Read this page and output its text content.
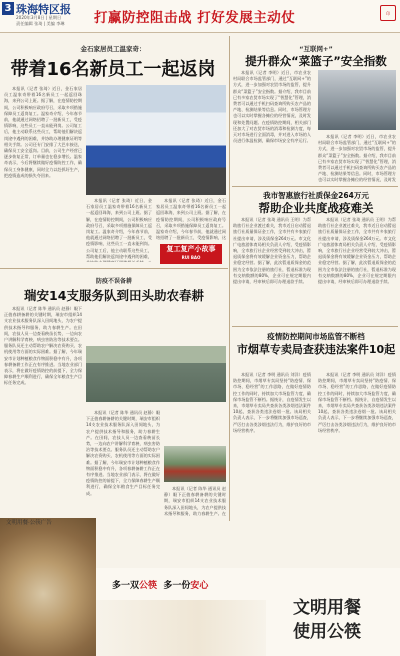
3 珠海特区报
2020年3月8日 | 星期日
责任编辑 张琦 | 美编 李琳 打赢防控阻击战 打好发展主动仗	印
金石家居员工温家奇：
带着16名新员工一起返岗

本报讯（记者 张琦）近日，金石家居员工温家奇带着16名新员工一起返回珠海，来到公司上班。据了解，在疫情防控期间，公司积极响应政府号召，采取多项措施保障员工返岗复工。温家奇介绍，今年春节前，他就通过网络招聘了一批新员工，受疫情影响，这些员工一直未能到岗。公司复工后，他主动联系这些员工，帮助他们解决返岗途中遇到的困难，并协助办理健康证明等相关手续。公司还专门安排了大巴车接送，确保员工安全返岗。目前，公司生产经营已逐步恢复正常，订单量也在稳步增长。温家奇表示，今后将继续做好疫情防控工作，确保员工身体健康，同时全力以赴抓好生产，把疫情造成的损失夺回来。

本报讯（记者 张琦）近日，金石家居员工温家奇带着16名新员工一起返回珠海，来到公司上班。据了解，在疫情防控期间，公司积极响应政府号召，采取多项措施保障员工返岗复工。温家奇介绍，今年春节前，他就通过网络招聘了一批新员工，受疫情影响，这些员工一直未能到岗。公司复工后，他主动联系这些员工，帮助他们解决返岗途中遇到的困难，

本报讯（记者 张琦）近日，金石家居员工温家奇带着16名新员工一起返回珠海，来到公司上班。据了解，在疫情防控期间，公司积极响应政府号召，采取多项措施保障员工返岗复工。温家奇介绍，今年春节前，他就通过网络招聘了一批新员工，受疫情影响，这

复工复产小故事
RUI BAO
“互联网+”
提升群众“菜篮子”安全指数

本报讯（记者 李明）近日，市农业农村局联合市场监管部门，通过“互联网+”的方式，进一步加强对农贸市场的监管，提升群众“菜篮子”安全指数。据介绍，我市目前已有多家农贸市场实现了“智慧化”管理，消费者可以通过手机扫码查询所购买农产品的产地、检测结果等信息。同时，市场管理方也可以实时掌握各摊位的经营情况，及时发现和处置问题。在疫情防控期间，相关部门还加大了对农贸市场的消毒和检测力度，每天对市场进行全面消毒，并对进入市场的人员进行体温检测，确保市场安全有序运行。

本报讯（记者 李明）近日，市农业农村局联合市场监管部门，通过“互联网+”的方式，进一步加强对农贸市场的监管，提升群众“菜篮子”安全指数。据介绍，我市目前已有多家农贸市场实现了“智慧化”管理，消费者可以通过手机扫码查询所购买农产品的产地、检测结果等信息。同时，市场管理方也可以实时掌握各摊位的经营情况，及时发

我市智惠旅行社质保金264万元
帮助企业共度战疫难关

本报讯（记者 张琦 通讯员 王明）为帮助旅行社企业渡过难关，我市近日启动暂退旅行社质量保证金工作，全市共有多家旅行社提出申请，涉及质保金264万元。市文化广电旅游体育局相关负责人介绍，受疫情影响，全市旅行社企业经营受到较大冲击，暂退质保金将有效缓解企业资金压力，帮助企业稳定经营。据了解，此次暂退质保金的范围为全市依法注册的旅行社，暂退标准为现有交纳数额的80%，企业可在规定期限内提出申请，经审核后即可办理退款手续。

本报讯（记者 张琦 通讯员 王明）为帮助旅行社企业渡过难关，我市近日启动暂退旅行社质量保证金工作，全市共有多家旅行社提出申请，涉及质保金264万元。市文化广电旅游体育局相关负责人介绍，受疫情影响，全市旅行社企业经营受到较大冲击，暂退质保金将有效缓解企业资金压力，帮助企业稳定经营。据了解，此次暂退质保金的范围为全市依法注册的旅行社，暂退标准为现有交纳数额的80%，企业可在规定期限内提出申请，经审核后即可办理退款手续。

疫情防控期间市场监管不断档
市烟草专卖局查获违法案件10起

本报讯（记者 李明 通讯员 刘洋）疫情防控期间，市烟草专卖局坚持“防疫情、保市场、稳经营”的工作思路，在做好疫情防控工作的同时，持续加大市场监管力度，确保市场监管不断档。据统计，自疫情发生以来，市烟草专卖局共查获各类涉烟违法案件10起，查获各类违法卷烟一批。该局相关负责人表示，下一步将继续加强市场巡查，严厉打击各类涉烟违法行为，维护良好的市场经营秩序。

本报讯（记者 李明 通讯员 刘洋）疫情防控期间，市烟草专卖局坚持“防疫情、保市场、稳经营”的工作思路，在做好疫情防控工作的同时，持续加大市场监管力度，确保市场监管不断档。据统计，自疫情发生以来，市烟草专卖局共查获各类涉烟违法案件10起，查获各类违法卷烟一批。该局相关负责人表示，下一步将继续加强市场巡查，严厉打击各类涉烟违法行为，维护良好的市场经营秩序。

防疫不误备耕
瑞安14支服务队到田头助农春耕

本报讯（记者 陈华 通讯员 赵静）眼下正值春耕备耕的关键时期，瑞安市组织14支农业技术服务队深入田间地头，为农户提供技术指导和服务，助力春耕生产。在田间，农技人员一边查看秧苗长势，一边向农户讲解科学育秧、病虫害防治等技术要点。服务队员还主动帮助农户解决农资购买、农机使用等方面的实际困难。据了解，今年瑞安市计划种植粮食作物面积稳中有升，各项春耕备耕工作正在有序推进。当地农业部门表示，将在做好疫情防控的前提下，全力保障春耕生产顺利进行，确保全年粮食生产目标任务完成。

本报讯（记者 陈华 通讯员 赵静）眼下正值春耕备耕的关键时期，瑞安市组织14支农业技术服务队深入田间地头，为农户提供技术指导和服务，助力春耕生产。在田间，农技人员一边查看秧苗长势，一边向农户讲解科学育秧、病虫害防治等技术要点。服务队员还主动帮助农户解决农资购买、农机使用等方面的实际困难。据了解，今年瑞安市计划种植粮食作物面积稳中有升，各项春耕备耕工作正在有序推进。当地农业部门表示，将在做好疫情防控的前提下，全力保障春耕生产顺利进行，确保全年粮食生产目标任务完成。

本报讯（记者 陈华 通讯员 赵静）眼下正值春耕备耕的关键时期，瑞安市组织14支农业技术服务队深入田间地头，为农户提供技术指导和服务，助力春耕生产。在

文明用餐·公筷广告
多一双公筷 多一份安心
文明用餐
使用公筷
